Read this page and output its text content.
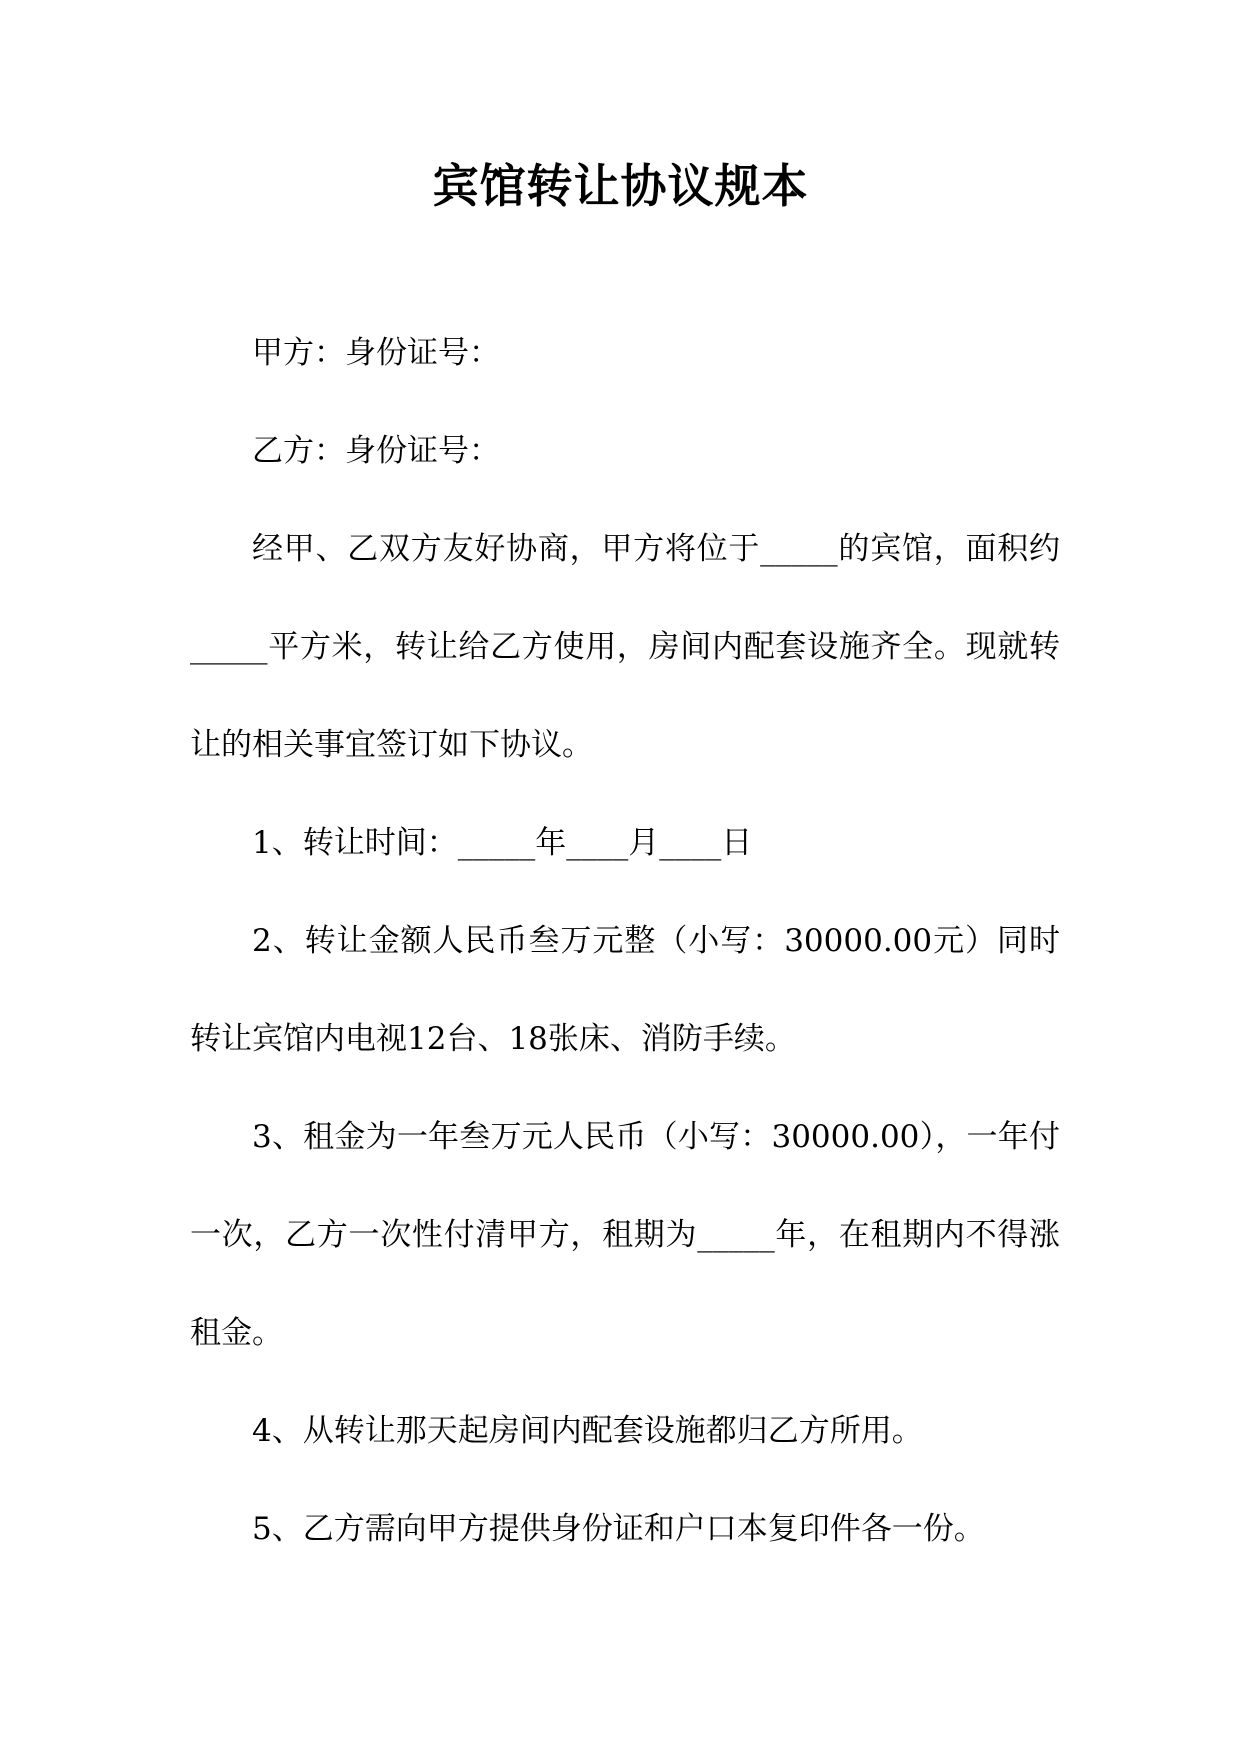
宾馆转让协议规本

甲方：身份证号：

乙方：身份证号：

经甲、乙双方友好协商，甲方将位于_____的宾馆，面积约_____平方米，转让给乙方使用，房间内配套设施齐全。现就转让的相关事宜签订如下协议。

1、转让时间：_____年____月____日

2、转让金额人民币叁万元整（小写：30000.00元）同时转让宾馆内电视12台、18张床、消防手续。

3、租金为一年叁万元人民币（小写：30000.00），一年付一次，乙方一次性付清甲方，租期为_____年，在租期内不得涨租金。

4、从转让那天起房间内配套设施都归乙方所用。

5、乙方需向甲方提供身份证和户口本复印件各一份。
